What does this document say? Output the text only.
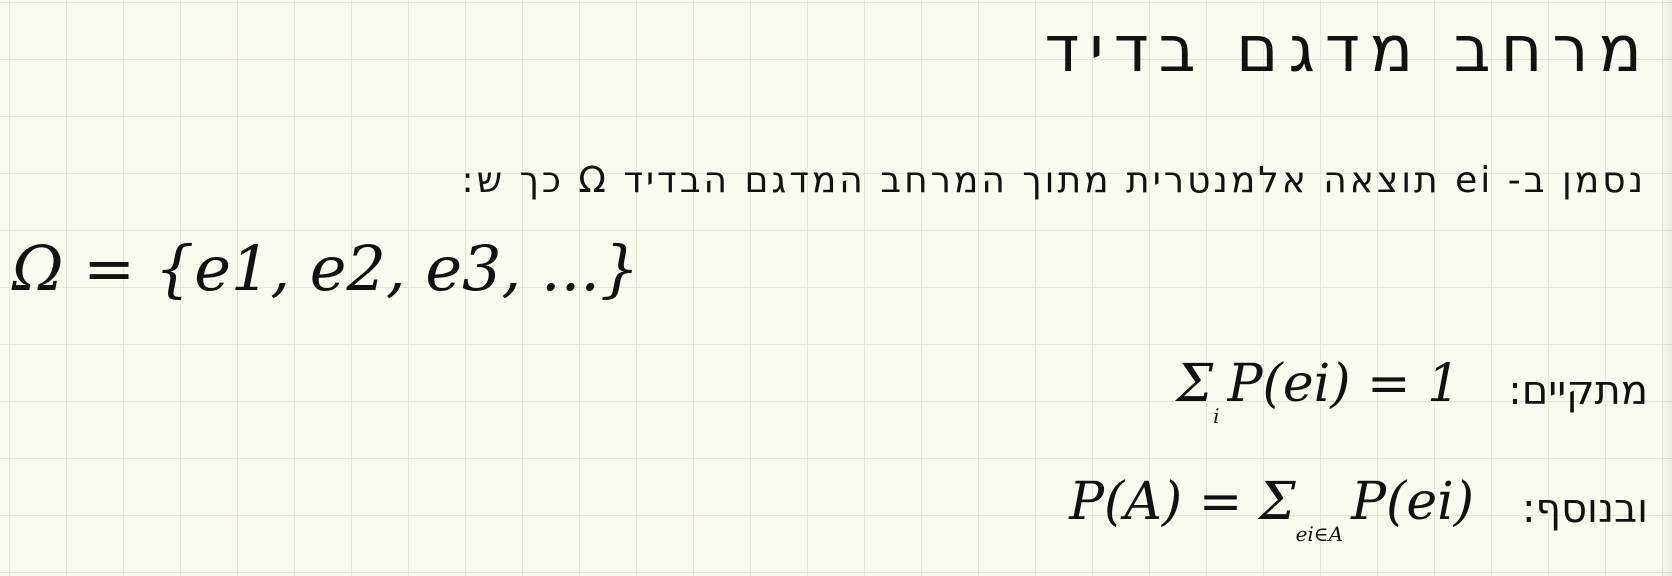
מרחב מדגם בדיד
נסמן ב- ei תוצאה אלמנטרית מתוך המרחב המדגם הבדיד Ω כך ש:
Ω = {e1, e2, e3, ...}
$\Sigma_iP(ei) = 1$ מתקיים:
$P(A) = \Sigma_{ei\in A}P(ei)$ ובנוסף:
